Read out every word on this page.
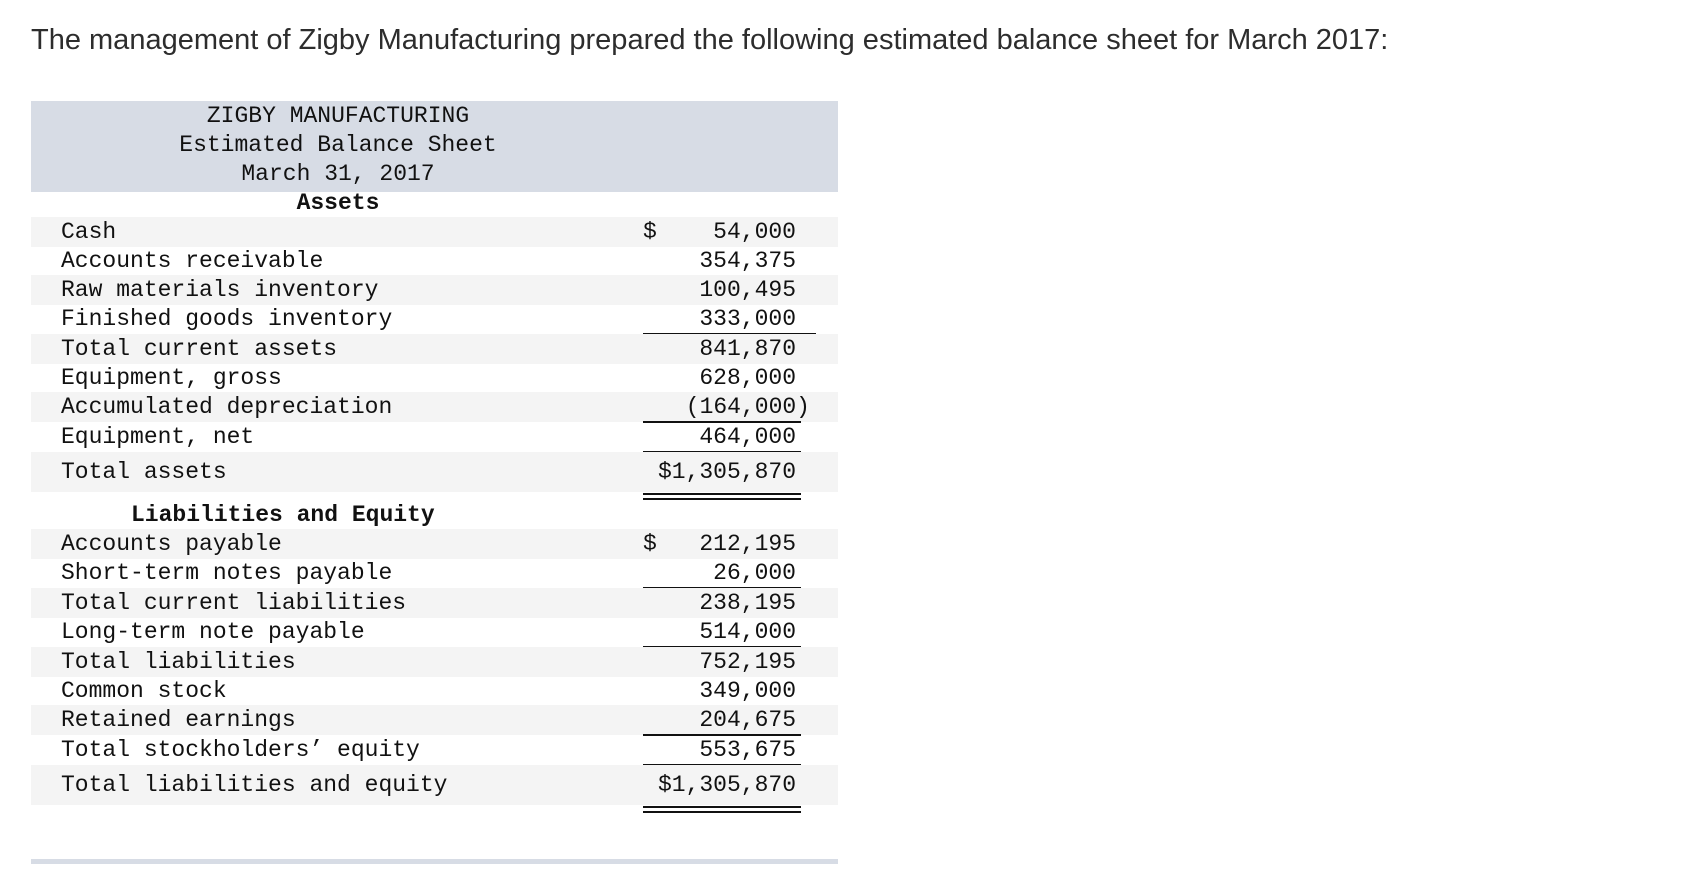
The management of Zigby Manufacturing prepared the following estimated balance sheet for March 2017:

ZIGBY MANUFACTURING
Estimated Balance Sheet
March 31, 2017
Assets
Cash	$ 54,000
Accounts receivable	354,375
Raw materials inventory	100,495
Finished goods inventory	333,000
Total current assets	841,870
Equipment, gross	628,000
Accumulated depreciation	(164,000)
Equipment, net	464,000
Total assets	$1,305,870
Liabilities and Equity
Accounts payable	$ 212,195
Short-term notes payable	26,000
Total current liabilities	238,195
Long-term note payable	514,000
Total liabilities	752,195
Common stock	349,000
Retained earnings	204,675
Total stockholders’ equity	553,675
Total liabilities and equity	$1,305,870
